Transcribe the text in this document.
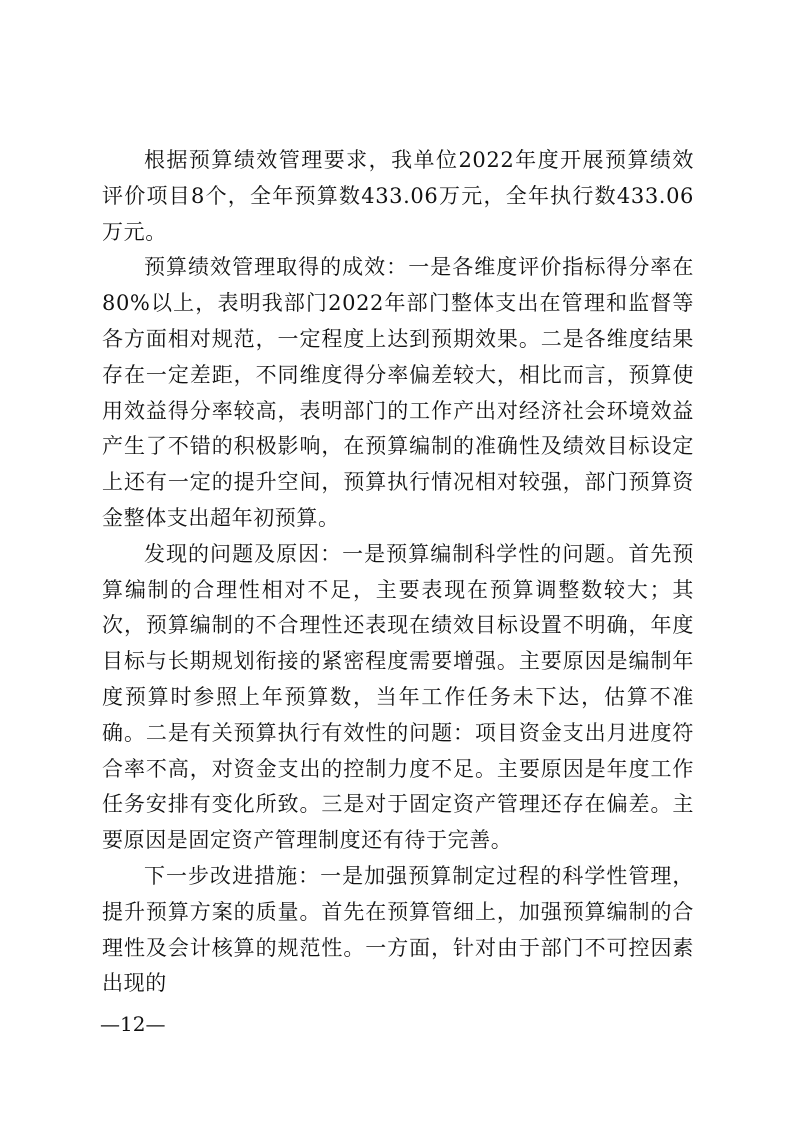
根据预算绩效管理要求，我单位2022年度开展预算绩效评价项目8个，全年预算数433.06万元，全年执行数433.06万元。

预算绩效管理取得的成效：一是各维度评价指标得分率在80%以上，表明我部门2022年部门整体支出在管理和监督等各方面相对规范，一定程度上达到预期效果。二是各维度结果存在一定差距，不同维度得分率偏差较大，相比而言，预算使用效益得分率较高，表明部门的工作产出对经济社会环境效益产生了不错的积极影响，在预算编制的准确性及绩效目标设定上还有一定的提升空间，预算执行情况相对较强，部门预算资金整体支出超年初预算。

发现的问题及原因：一是预算编制科学性的问题。首先预算编制的合理性相对不足，主要表现在预算调整数较大；其次，预算编制的不合理性还表现在绩效目标设置不明确，年度目标与长期规划衔接的紧密程度需要增强。主要原因是编制年度预算时参照上年预算数，当年工作任务未下达，估算不准确。二是有关预算执行有效性的问题：项目资金支出月进度符合率不高，对资金支出的控制力度不足。主要原因是年度工作任务安排有变化所致。三是对于固定资产管理还存在偏差。主要原因是固定资产管理制度还有待于完善。

下一步改进措施：一是加强预算制定过程的科学性管理，提升预算方案的质量。首先在预算管细上，加强预算编制的合理性及会计核算的规范性。一方面，针对由于部门不可控因素出现的

—12—
